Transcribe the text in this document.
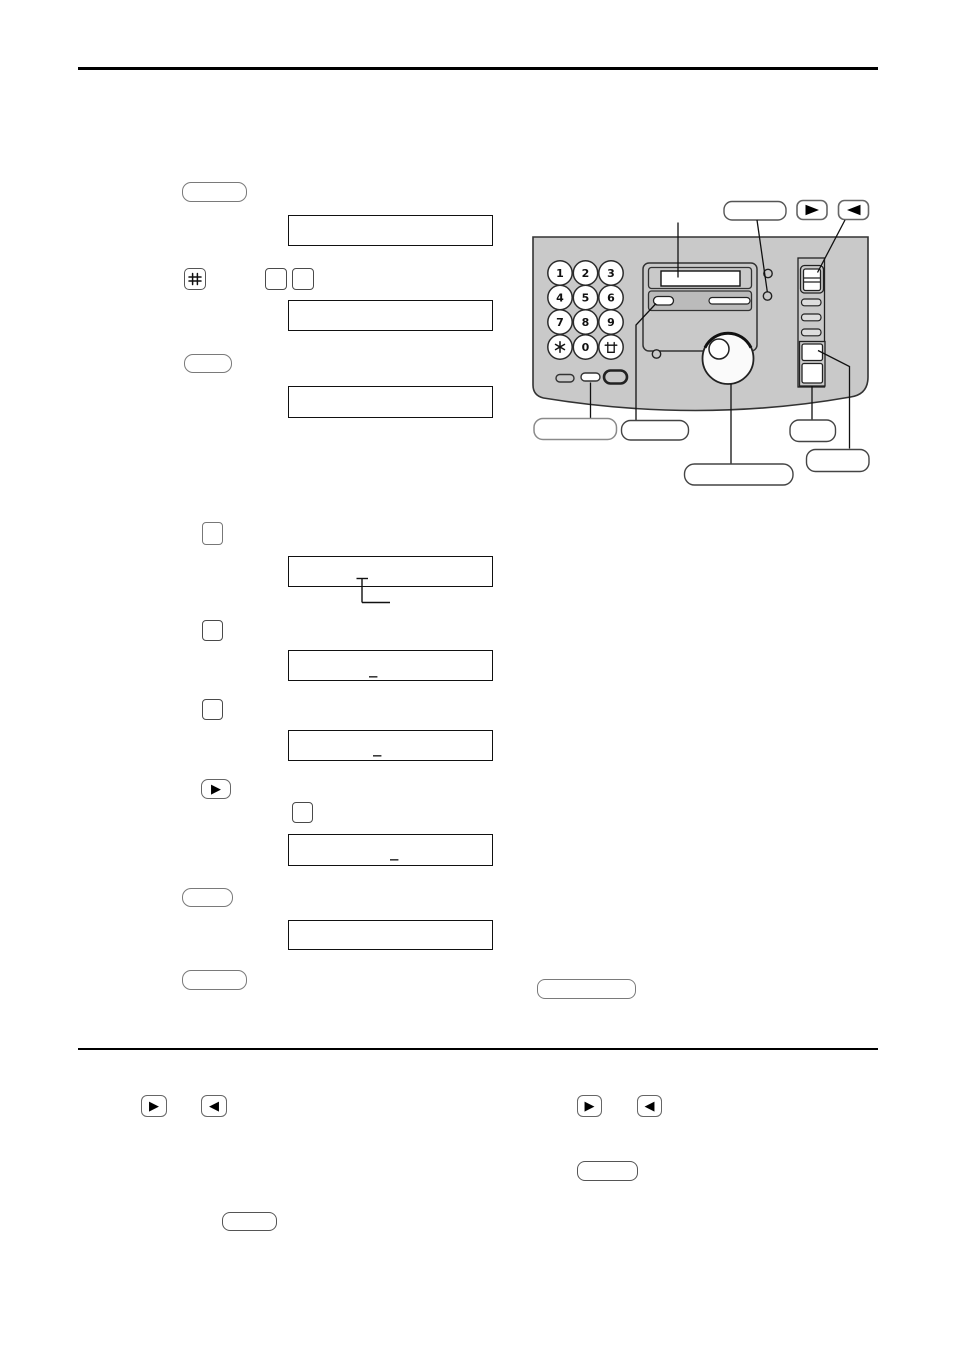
_
_
▶
_
1 2 3
4 5 6
7 8 9
0
▶	◀	▶	◀
